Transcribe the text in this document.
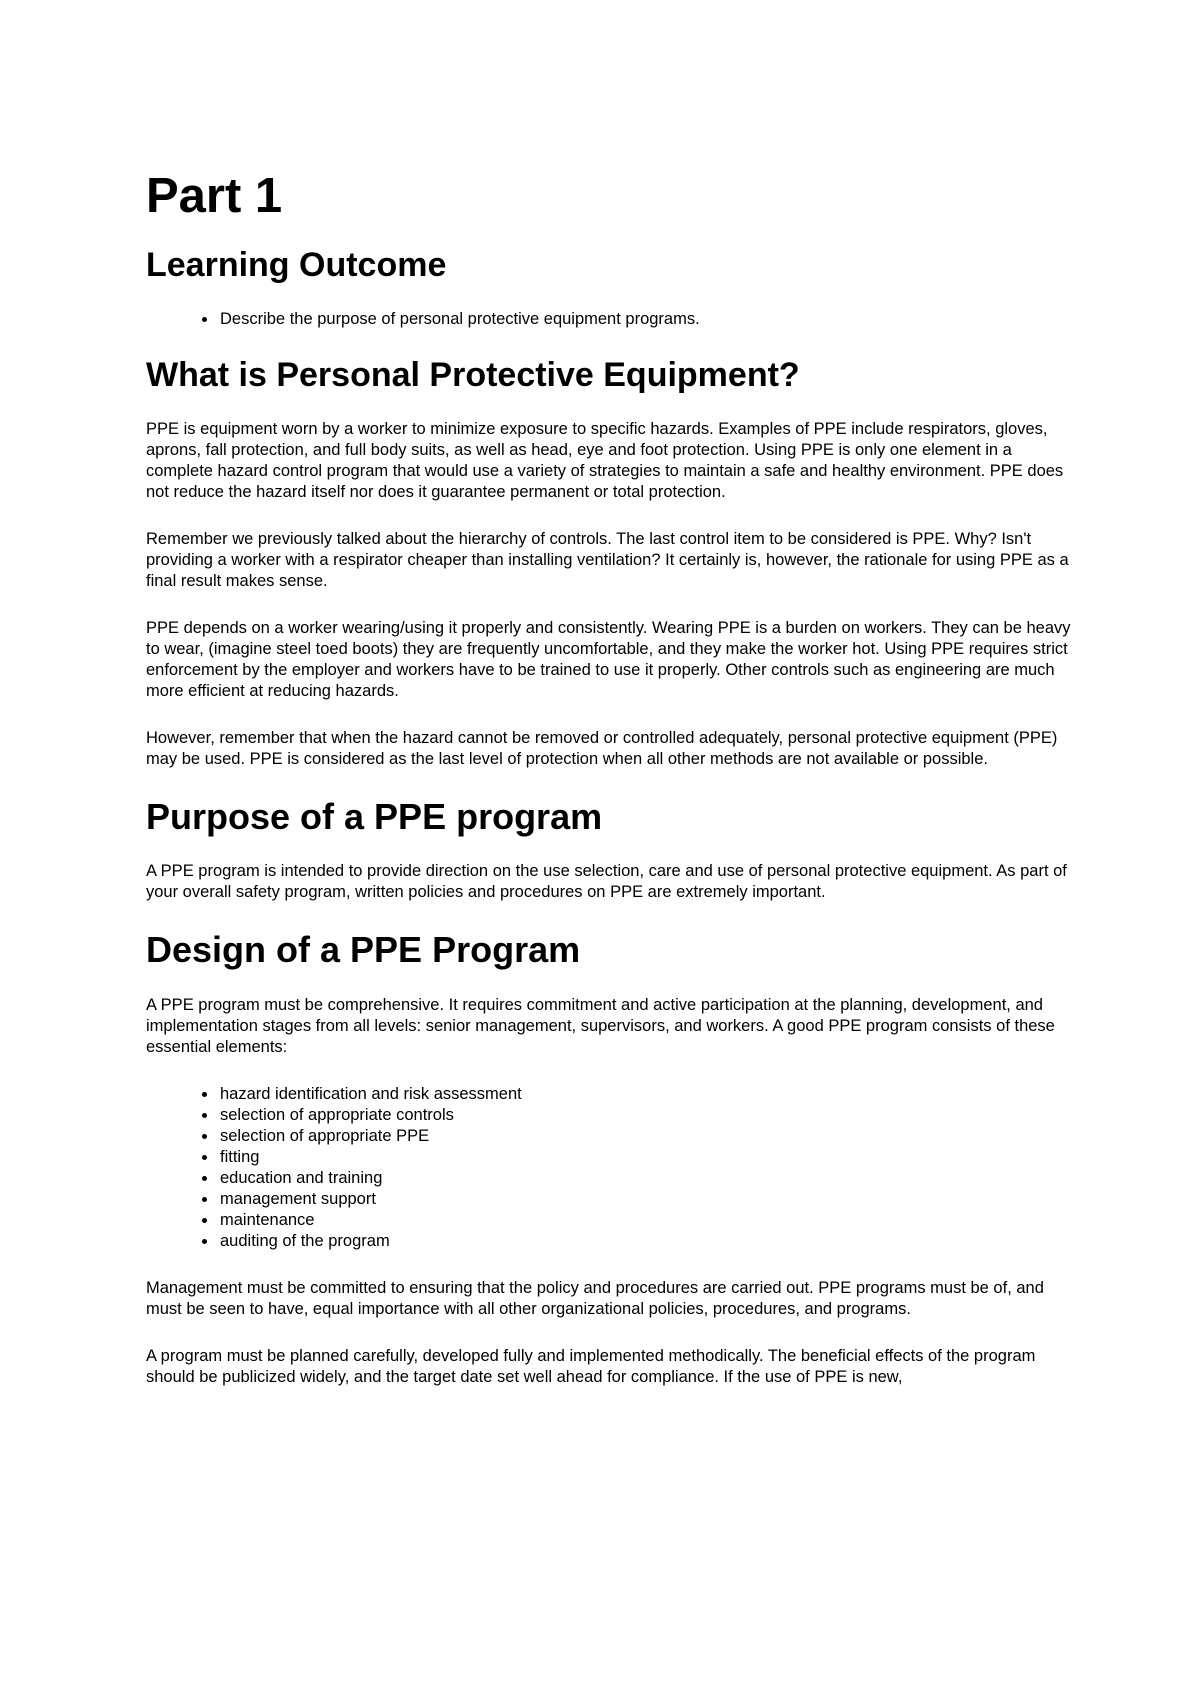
Part 1
Learning Outcome
• Describe the purpose of personal protective equipment programs.
What is Personal Protective Equipment?

PPE is equipment worn by a worker to minimize exposure to specific hazards. Examples of PPE include respirators, gloves, aprons, fall protection, and full body suits, as well as head, eye and foot protection. Using PPE is only one element in a complete hazard control program that would use a variety of strategies to maintain a safe and healthy environment. PPE does not reduce the hazard itself nor does it guarantee permanent or total protection.

Remember we previously talked about the hierarchy of controls. The last control item to be considered is PPE. Why? Isn't providing a worker with a respirator cheaper than installing ventilation? It certainly is, however, the rationale for using PPE as a final result makes sense.

PPE depends on a worker wearing/using it properly and consistently. Wearing PPE is a burden on workers. They can be heavy to wear, (imagine steel toed boots) they are frequently uncomfortable, and they make the worker hot. Using PPE requires strict enforcement by the employer and workers have to be trained to use it properly. Other controls such as engineering are much more efficient at reducing hazards.

However, remember that when the hazard cannot be removed or controlled adequately, personal protective equipment (PPE) may be used. PPE is considered as the last level of protection when all other methods are not available or possible.

Purpose of a PPE program

A PPE program is intended to provide direction on the use selection, care and use of personal protective equipment. As part of your overall safety program, written policies and procedures on PPE are extremely important.

Design of a PPE Program

A PPE program must be comprehensive. It requires commitment and active participation at the planning, development, and implementation stages from all levels: senior management, supervisors, and workers. A good PPE program consists of these essential elements:

• hazard identification and risk assessment
• selection of appropriate controls
• selection of appropriate PPE
• fitting
• education and training
• management support
• maintenance
• auditing of the program

Management must be committed to ensuring that the policy and procedures are carried out. PPE programs must be of, and must be seen to have, equal importance with all other organizational policies, procedures, and programs.

A program must be planned carefully, developed fully and implemented methodically. The beneficial effects of the program should be publicized widely, and the target date set well ahead for compliance. If the use of PPE is new,
